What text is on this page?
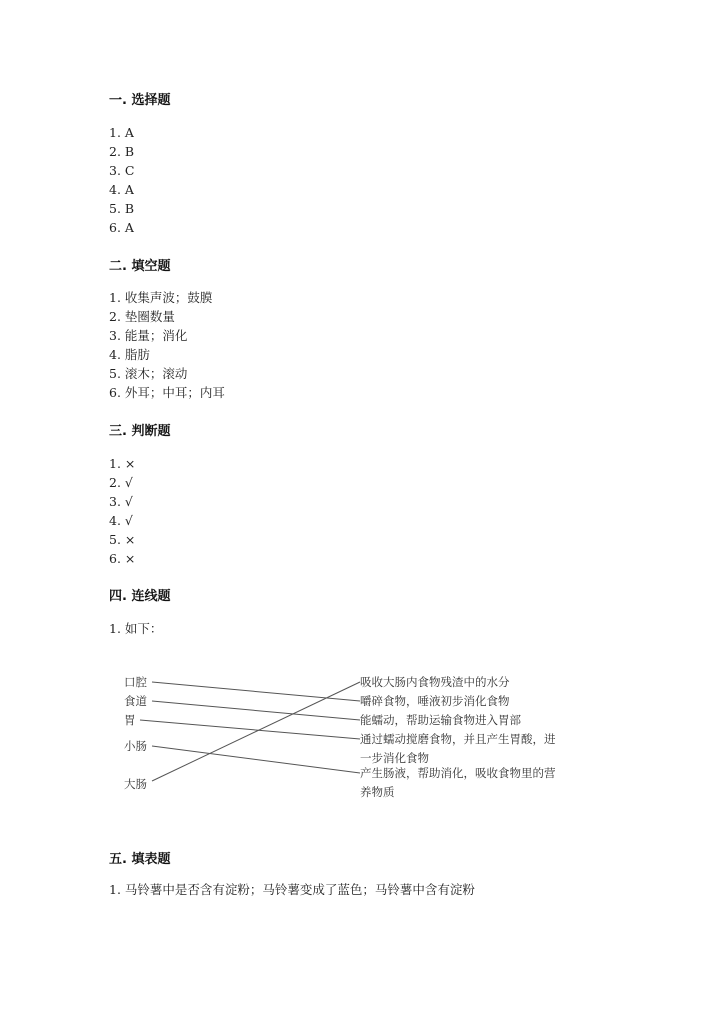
一. 选择题
1. A
2. B
3. C
4. A
5. B
6. A
二. 填空题
1. 收集声波；鼓膜
2. 垫圈数量
3. 能量；消化
4. 脂肪
5. 滚木；滚动
6. 外耳；中耳；内耳
三. 判断题
1. ×
2. √
3. √
4. √
5. ×
6. ×
四. 连线题
1. 如下：
口腔
食道
胃
小肠
大肠
吸收大肠内食物残渣中的水分
嚼碎食物，唾液初步消化食物
能蠕动，帮助运输食物进入胃部
通过蠕动搅磨食物，并且产生胃酸，进
一步消化食物
产生肠液，帮助消化，吸收食物里的营
养物质
五. 填表题
1. 马铃薯中是否含有淀粉；马铃薯变成了蓝色；马铃薯中含有淀粉
